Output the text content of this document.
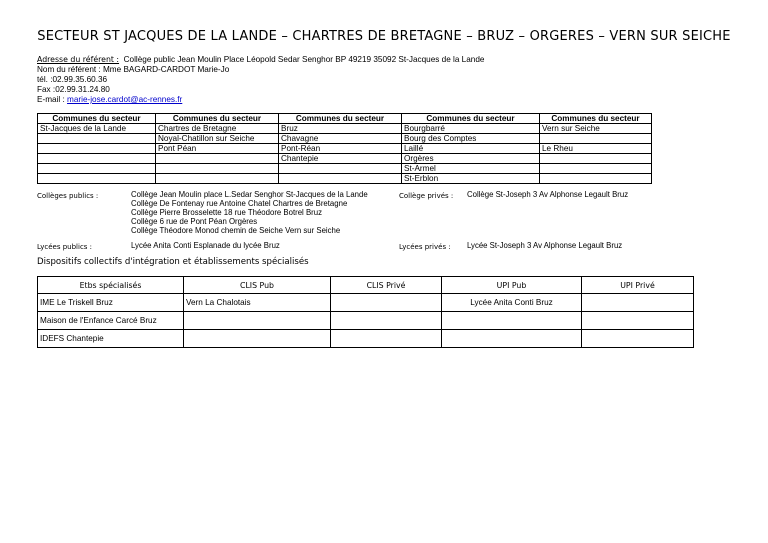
SECTEUR ST JACQUES DE LA LANDE – CHARTRES DE BRETAGNE – BRUZ – ORGERES – VERN SUR SEICHE
Adresse du référent : Collège public Jean Moulin Place Léopold Sedar Senghor BP 49219 35092 St-Jacques de la Lande
Nom du référent : Mme BAGARD-CARDOT Marie-Jo
tél. :02.99.35.60.36
Fax :02.99.31.24.80
E-mail : marie-jose.cardot@ac-rennes.fr
Communes du secteur	Communes du secteur	Communes du secteur	Communes du secteur	Communes du secteur
St-Jacques de la Lande	Chartres de Bretagne	Bruz	Bourgbarré	Vern sur Seiche
	Noyal-Chatillon sur Seiche	Chavagne	Bourg des Comptes	
	Pont Péan	Pont-Réan	Laillé	Le Rheu
		Chantepie	Orgères	
			St-Armel	
			St-Erblon	
Collèges publics :	Collège Jean Moulin place L.Sedar Senghor St-Jacques de la Lande
Collège De Fontenay rue Antoine Chatel Chartres de Bretagne
Collège Pierre Brosselette 18 rue Théodore Botrel Bruz
Collège 6 rue de Pont Péan Orgères
Collège Théodore Monod chemin de Seiche Vern sur Seiche
Collège privés : Collège St-Joseph 3 Av Alphonse Legault Bruz
Lycées publics :	Lycée Anita Conti Esplanade du lycée Bruz	Lycées privés : Lycée St-Joseph 3 Av Alphonse Legault Bruz
Dispositifs collectifs d'intégration et établissements spécialisés
Etbs spécialisés	CLIS Pub	CLIS Privé	UPI Pub	UPI Privé
IME Le Triskell Bruz	Vern La Chalotais		Lycée Anita Conti Bruz	
Maison de l'Enfance Carcé Bruz				
IDEFS Chantepie				
